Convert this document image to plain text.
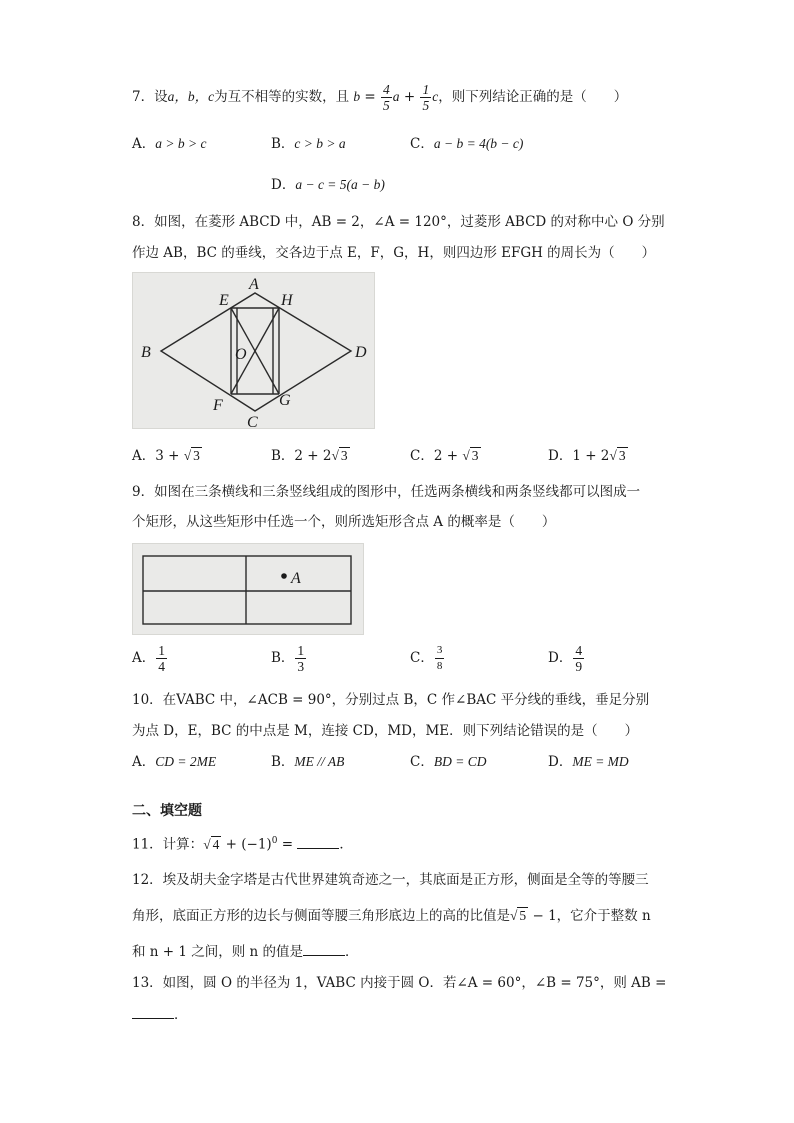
7．设a，b，c为互不相等的实数，且 $b = \frac{4}{5}$ $a + \frac{1}{5}$ c，则下列结论正确的是（　　）
A．a > b > c	B．c > b > a	C．a − b = 4(b − c)
D．a − c = 5(a − b)
8．如图，在菱形 ABCD 中，AB = 2，∠A = 120°，过菱形 ABCD 的对称中心 O 分别
作边 AB，BC 的垂线，交各边于点 E，F，G，H，则四边形 EFGH 的周长为（　　）
A
B
C
D
E
F	G
H
O
A．3 + √ 3	B．2 + 2√ 3	C．2 + √ 3	D．1 + 2√ 3
9．如图在三条横线和三条竖线组成的图形中，任选两条横线和两条竖线都可以图成一
个矩形，从这些矩形中任选一个，则所选矩形含点 A 的概率是（　　）
A
A． $\frac{1}{4}$	B． $\frac{1}{3}$	C． $\frac{3}{8}$	D． $\frac{4}{9}$
10．在VABC 中，∠ACB = 90°，分别过点 B，C 作∠BAC 平分线的垂线，垂足分别
为点 D，E，BC 的中点是 M，连接 CD，MD，ME．则下列结论错误的是（　　）
A．CD = 2ME	B．ME // AB	C．BD = CD	D．ME = MD
二、填空题
11．计算：√ $4 + (-1)^0$ =	．
12．埃及胡夫金字塔是古代世界建筑奇迹之一，其底面是正方形，侧面是全等的等腰三
角形，底面正方形的边长与侧面等腰三角形底边上的高的比值是√ 5 − 1，它介于整数 n
和 n + 1 之间，则 n 的值是	．
13．如图，圆 O 的半径为 1，VABC 内接于圆 O．若∠A = 60°，∠B = 75°，则 AB =
．
